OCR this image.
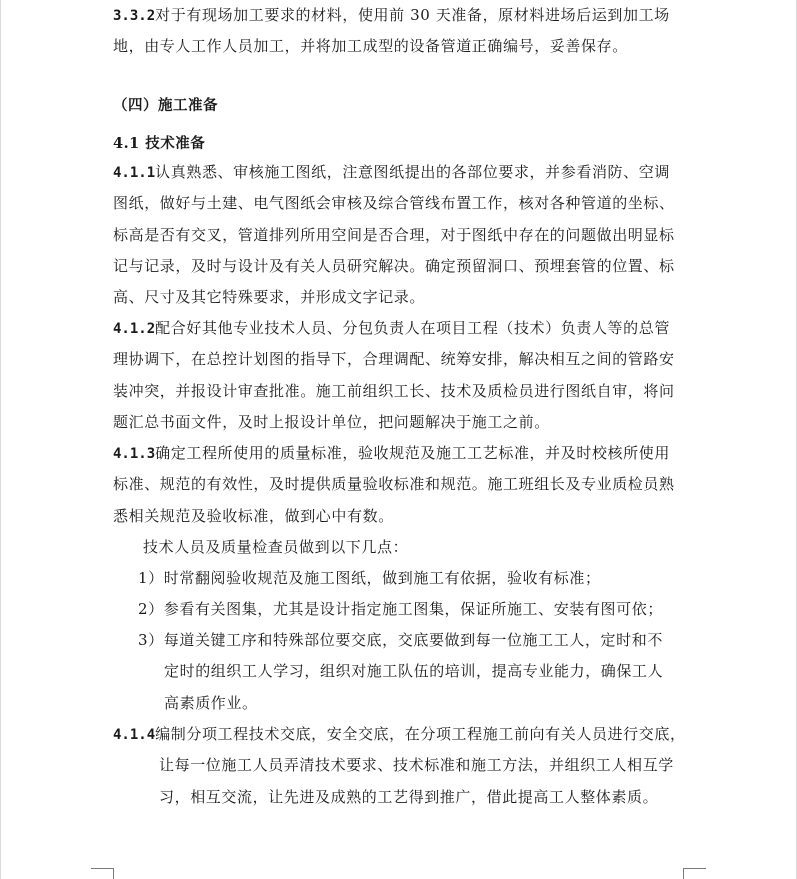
3.3.2对于有现场加工要求的材料，使用前 30 天准备，原材料进场后运到加工场
地，由专人工作人员加工，并将加工成型的设备管道正确编号，妥善保存。
（四）施工准备
4.1 技术准备
4.1.1认真熟悉、审核施工图纸，注意图纸提出的各部位要求，并参看消防、空调
图纸，做好与土建、电气图纸会审核及综合管线布置工作，核对各种管道的坐标、
标高是否有交叉，管道排列所用空间是否合理，对于图纸中存在的问题做出明显标
记与记录，及时与设计及有关人员研究解决。确定预留洞口、预埋套管的位置、标
高、尺寸及其它特殊要求，并形成文字记录。
4.1.2配合好其他专业技术人员、分包负责人在项目工程（技术）负责人等的总管
理协调下，在总控计划图的指导下，合理调配、统筹安排，解决相互之间的管路安
装冲突，并报设计审查批准。施工前组织工长、技术及质检员进行图纸自审，将问
题汇总书面文件，及时上报设计单位，把问题解决于施工之前。
4.1.3确定工程所使用的质量标准，验收规范及施工工艺标准，并及时校核所使用
标准、规范的有效性，及时提供质量验收标准和规范。施工班组长及专业质检员熟
悉相关规范及验收标准，做到心中有数。
技术人员及质量检查员做到以下几点：
1）时常翻阅验收规范及施工图纸，做到施工有依据，验收有标准；
2）参看有关图集，尤其是设计指定施工图集，保证所施工、安装有图可依；
3）每道关键工序和特殊部位要交底，交底要做到每一位施工工人，定时和不
定时的组织工人学习，组织对施工队伍的培训，提高专业能力，确保工人
高素质作业。
4.1.4编制分项工程技术交底，安全交底，在分项工程施工前向有关人员进行交底，
让每一位施工人员弄清技术要求、技术标准和施工方法，并组织工人相互学
习，相互交流，让先进及成熟的工艺得到推广，借此提高工人整体素质。
